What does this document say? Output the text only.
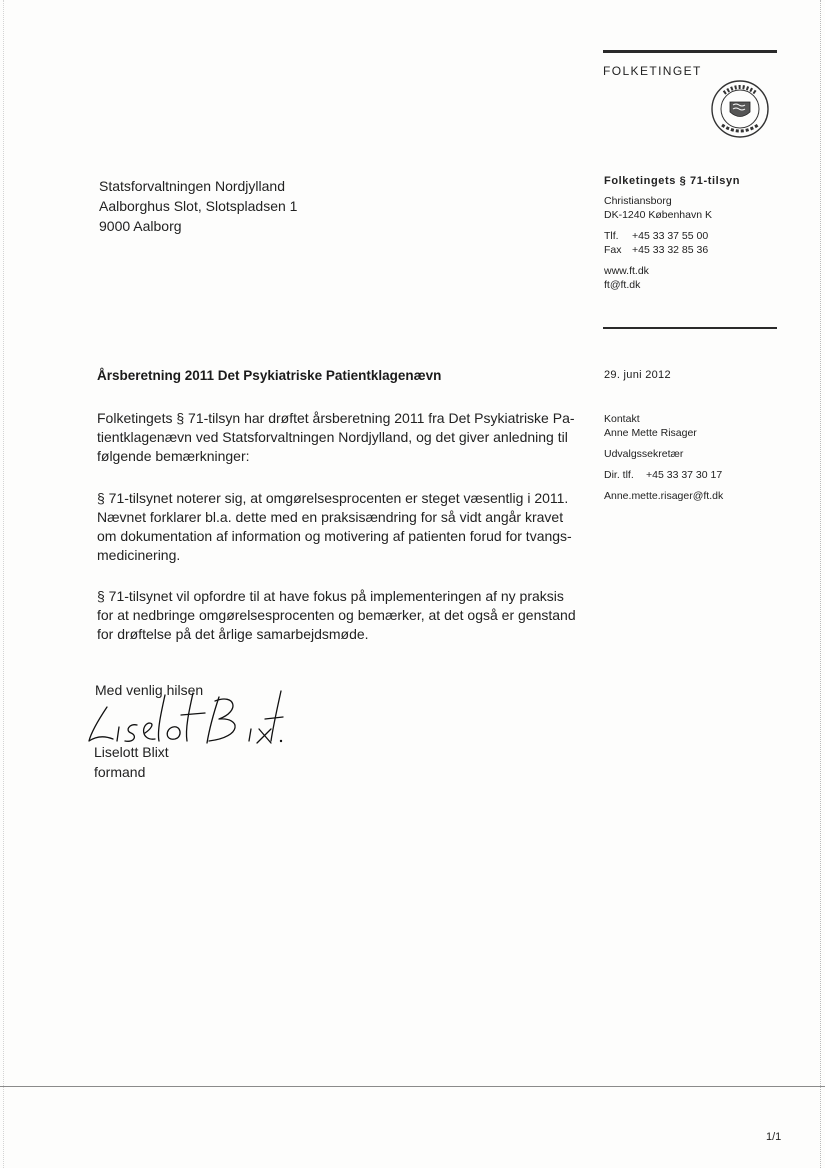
FOLKETINGET
Statsforvaltningen Nordjylland
Aalborghus Slot, Slotspladsen 1
9000 Aalborg
Folketingets § 71-tilsyn
Christiansborg
DK-1240 København K
Tlf. +45 33 37 55 00
Fax +45 33 32 85 36
www.ft.dk
ft@ft.dk
29. juni 2012
Kontakt
Anne Mette Risager
Udvalgssekretær
Dir. tlf. +45 33 37 30 17
Anne.mette.risager@ft.dk
Årsberetning 2011 Det Psykiatriske Patientklagenævn
Folketingets § 71-tilsyn har drøftet årsberetning 2011 fra Det Psykiatriske Pa-
tientklagenævn ved Statsforvaltningen Nordjylland, og det giver anledning til
følgende bemærkninger:
§ 71-tilsynet noterer sig, at omgørelsesprocenten er steget væsentlig i 2011.
Nævnet forklarer bl.a. dette med en praksisændring for så vidt angår kravet
om dokumentation af information og motivering af patienten forud for tvangs-
medicinering.
§ 71-tilsynet vil opfordre til at have fokus på implementeringen af ny praksis
for at nedbringe omgørelsesprocenten og bemærker, at det også er genstand
for drøftelse på det årlige samarbejdsmøde.
Med venlig hilsen
Liselott Blixt
formand
1/1
